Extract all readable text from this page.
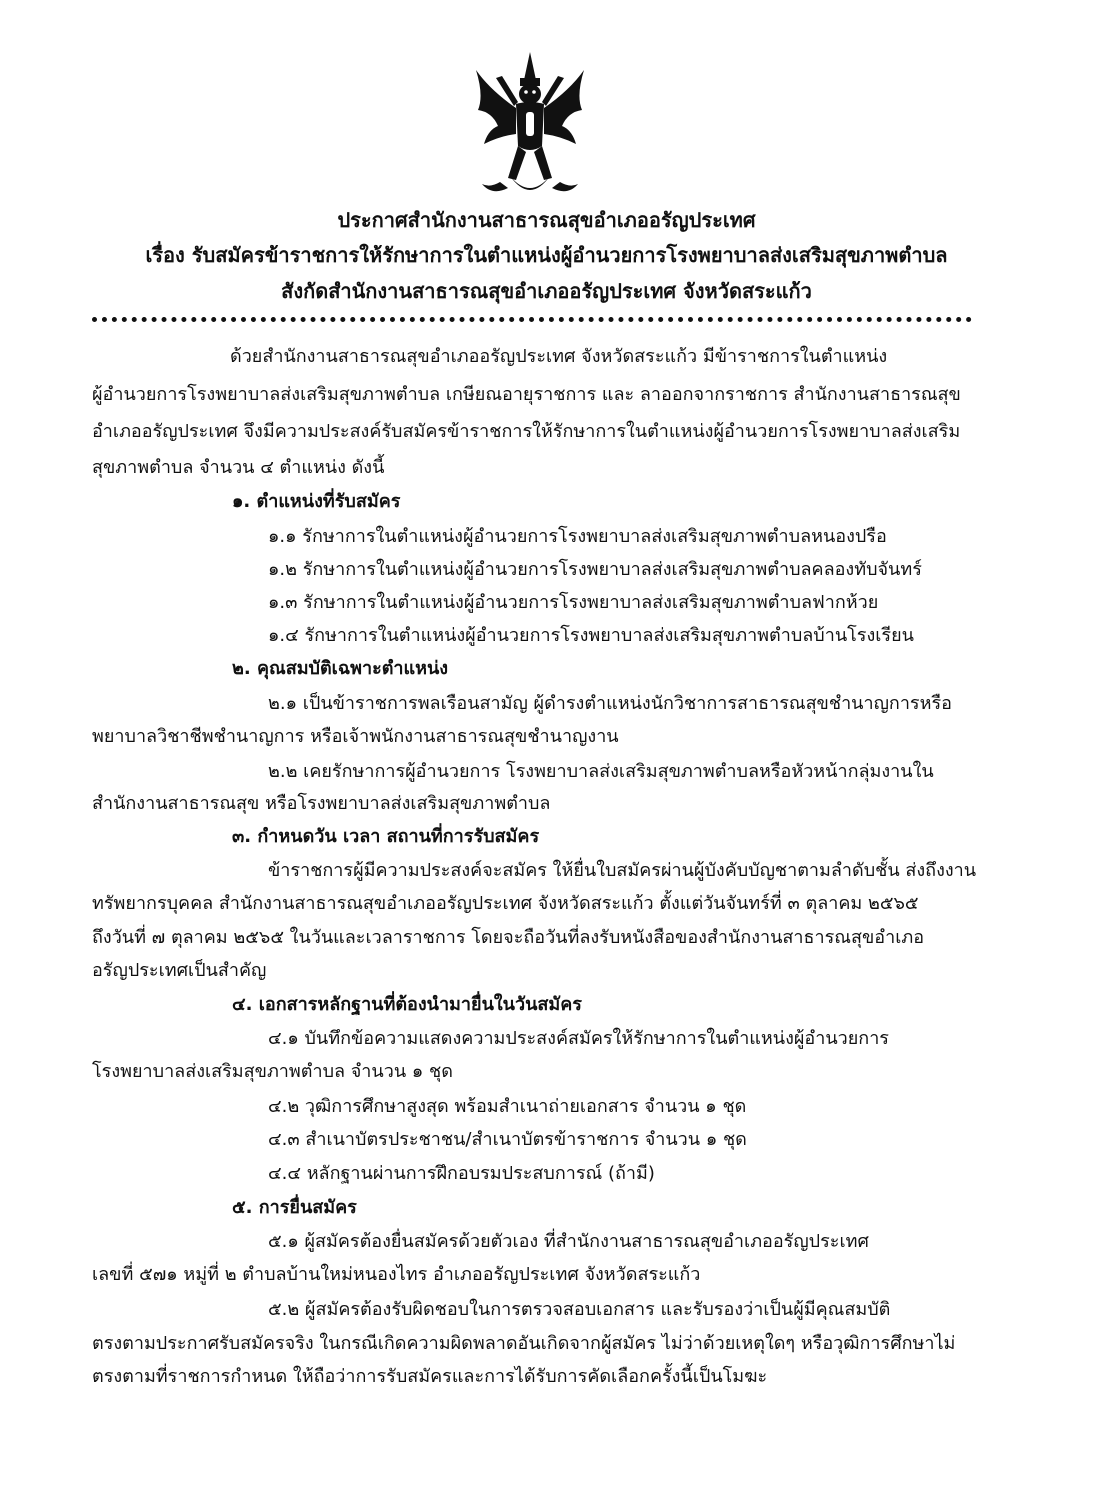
ประกาศสำนักงานสาธารณสุขอำเภออรัญประเทศ
เรื่อง รับสมัครข้าราชการให้รักษาการในตำแหน่งผู้อำนวยการโรงพยาบาลส่งเสริมสุขภาพตำบล
สังกัดสำนักงานสาธารณสุขอำเภออรัญประเทศ จังหวัดสระแก้ว
ด้วยสำนักงานสาธารณสุขอำเภออรัญประเทศ จังหวัดสระแก้ว มีข้าราชการในตำแหน่ง
ผู้อำนวยการโรงพยาบาลส่งเสริมสุขภาพตำบล เกษียณอายุราชการ และ ลาออกจากราชการ สำนักงานสาธารณสุข
อำเภออรัญประเทศ จึงมีความประสงค์รับสมัครข้าราชการให้รักษาการในตำแหน่งผู้อำนวยการโรงพยาบาลส่งเสริม
สุขภาพตำบล จำนวน ๔ ตำแหน่ง ดังนี้
๑. ตำแหน่งที่รับสมัคร
๑.๑ รักษาการในตำแหน่งผู้อำนวยการโรงพยาบาลส่งเสริมสุขภาพตำบลหนองปรือ
๑.๒ รักษาการในตำแหน่งผู้อำนวยการโรงพยาบาลส่งเสริมสุขภาพตำบลคลองทับจันทร์
๑.๓ รักษาการในตำแหน่งผู้อำนวยการโรงพยาบาลส่งเสริมสุขภาพตำบลฟากห้วย
๑.๔ รักษาการในตำแหน่งผู้อำนวยการโรงพยาบาลส่งเสริมสุขภาพตำบลบ้านโรงเรียน
๒. คุณสมบัติเฉพาะตำแหน่ง
๒.๑ เป็นข้าราชการพลเรือนสามัญ ผู้ดำรงตำแหน่งนักวิชาการสาธารณสุขชำนาญการหรือ
พยาบาลวิชาชีพชำนาญการ หรือเจ้าพนักงานสาธารณสุขชำนาญงาน
๒.๒ เคยรักษาการผู้อำนวยการ โรงพยาบาลส่งเสริมสุขภาพตำบลหรือหัวหน้ากลุ่มงานใน
สำนักงานสาธารณสุข หรือโรงพยาบาลส่งเสริมสุขภาพตำบล
๓. กำหนดวัน เวลา สถานที่การรับสมัคร
ข้าราชการผู้มีความประสงค์จะสมัคร ให้ยื่นใบสมัครผ่านผู้บังคับบัญชาตามลำดับชั้น ส่งถึงงาน
ทรัพยากรบุคคล สำนักงานสาธารณสุขอำเภออรัญประเทศ จังหวัดสระแก้ว ตั้งแต่วันจันทร์ที่ ๓ ตุลาคม ๒๕๖๕
ถึงวันที่ ๗ ตุลาคม ๒๕๖๕ ในวันและเวลาราชการ โดยจะถือวันที่ลงรับหนังสือของสำนักงานสาธารณสุขอำเภอ
อรัญประเทศเป็นสำคัญ
๔. เอกสารหลักฐานที่ต้องนำมายื่นในวันสมัคร
๔.๑ บันทึกข้อความแสดงความประสงค์สมัครให้รักษาการในตำแหน่งผู้อำนวยการ
โรงพยาบาลส่งเสริมสุขภาพตำบล จำนวน ๑ ชุด
๔.๒ วุฒิการศึกษาสูงสุด พร้อมสำเนาถ่ายเอกสาร จำนวน ๑ ชุด
๔.๓ สำเนาบัตรประชาชน/สำเนาบัตรข้าราชการ จำนวน ๑ ชุด
๔.๔ หลักฐานผ่านการฝึกอบรมประสบการณ์ (ถ้ามี)
๕. การยื่นสมัคร
๕.๑ ผู้สมัครต้องยื่นสมัครด้วยตัวเอง ที่สำนักงานสาธารณสุขอำเภออรัญประเทศ
เลขที่ ๕๗๑ หมู่ที่ ๒ ตำบลบ้านใหม่หนองไทร อำเภออรัญประเทศ จังหวัดสระแก้ว
๕.๒ ผู้สมัครต้องรับผิดชอบในการตรวจสอบเอกสาร และรับรองว่าเป็นผู้มีคุณสมบัติ
ตรงตามประกาศรับสมัครจริง ในกรณีเกิดความผิดพลาดอันเกิดจากผู้สมัคร ไม่ว่าด้วยเหตุใดๆ หรือวุฒิการศึกษาไม่
ตรงตามที่ราชการกำหนด ให้ถือว่าการรับสมัครและการได้รับการคัดเลือกครั้งนี้เป็นโมฆะ
